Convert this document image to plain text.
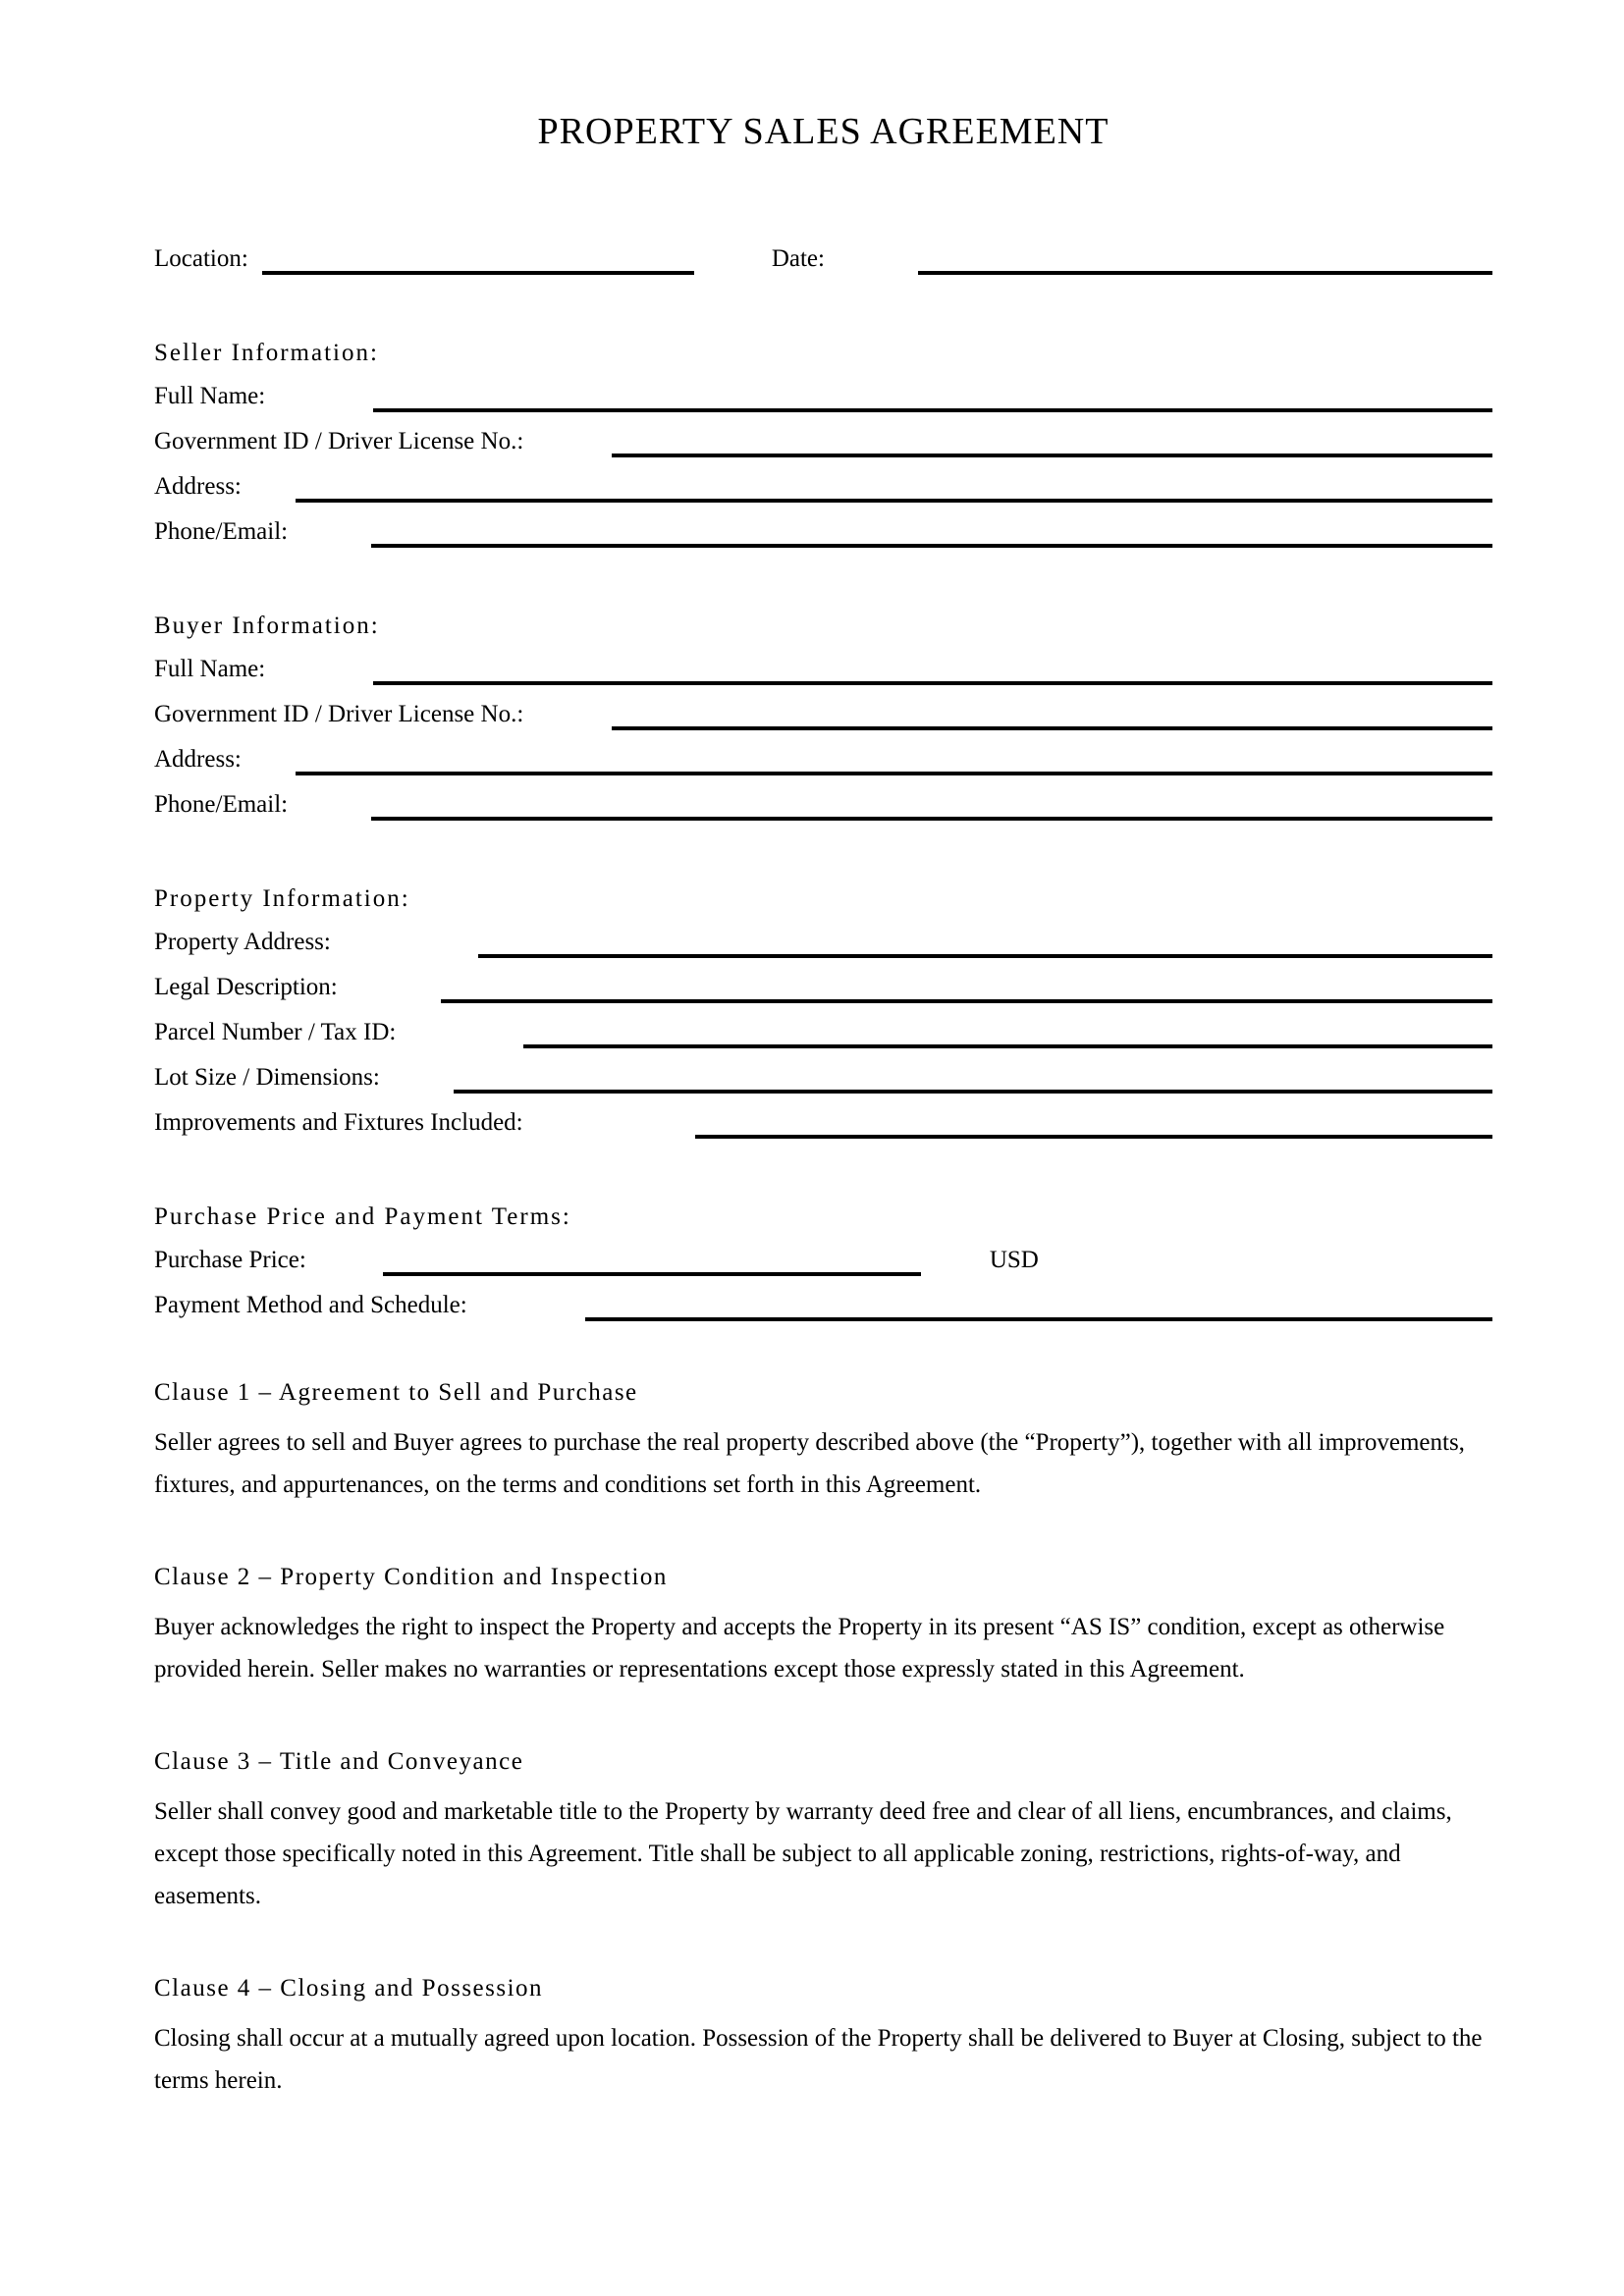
PROPERTY SALES AGREEMENT
Location:	Date:
Seller Information:
Full Name:
Government ID / Driver License No.:
Address:
Phone/Email:
Buyer Information:
Full Name:
Government ID / Driver License No.:
Address:
Phone/Email:
Property Information:
Property Address:
Legal Description:
Parcel Number / Tax ID:
Lot Size / Dimensions:
Improvements and Fixtures Included:
Purchase Price and Payment Terms:
Purchase Price:	USD
Payment Method and Schedule:
Clause 1 – Agreement to Sell and Purchase

Seller agrees to sell and Buyer agrees to purchase the real property described above (the “Property”), together with all improvements, fixtures, and appurtenances, on the terms and conditions set forth in this Agreement.

Clause 2 – Property Condition and Inspection

Buyer acknowledges the right to inspect the Property and accepts the Property in its present “AS IS” condition, except as otherwise provided herein. Seller makes no warranties or representations except those expressly stated in this Agreement.

Clause 3 – Title and Conveyance

Seller shall convey good and marketable title to the Property by warranty deed free and clear of all liens, encumbrances, and claims, except those specifically noted in this Agreement. Title shall be subject to all applicable zoning, restrictions, rights-of-way, and easements.

Clause 4 – Closing and Possession

Closing shall occur at a mutually agreed upon location. Possession of the Property shall be delivered to Buyer at Closing, subject to the terms herein.
